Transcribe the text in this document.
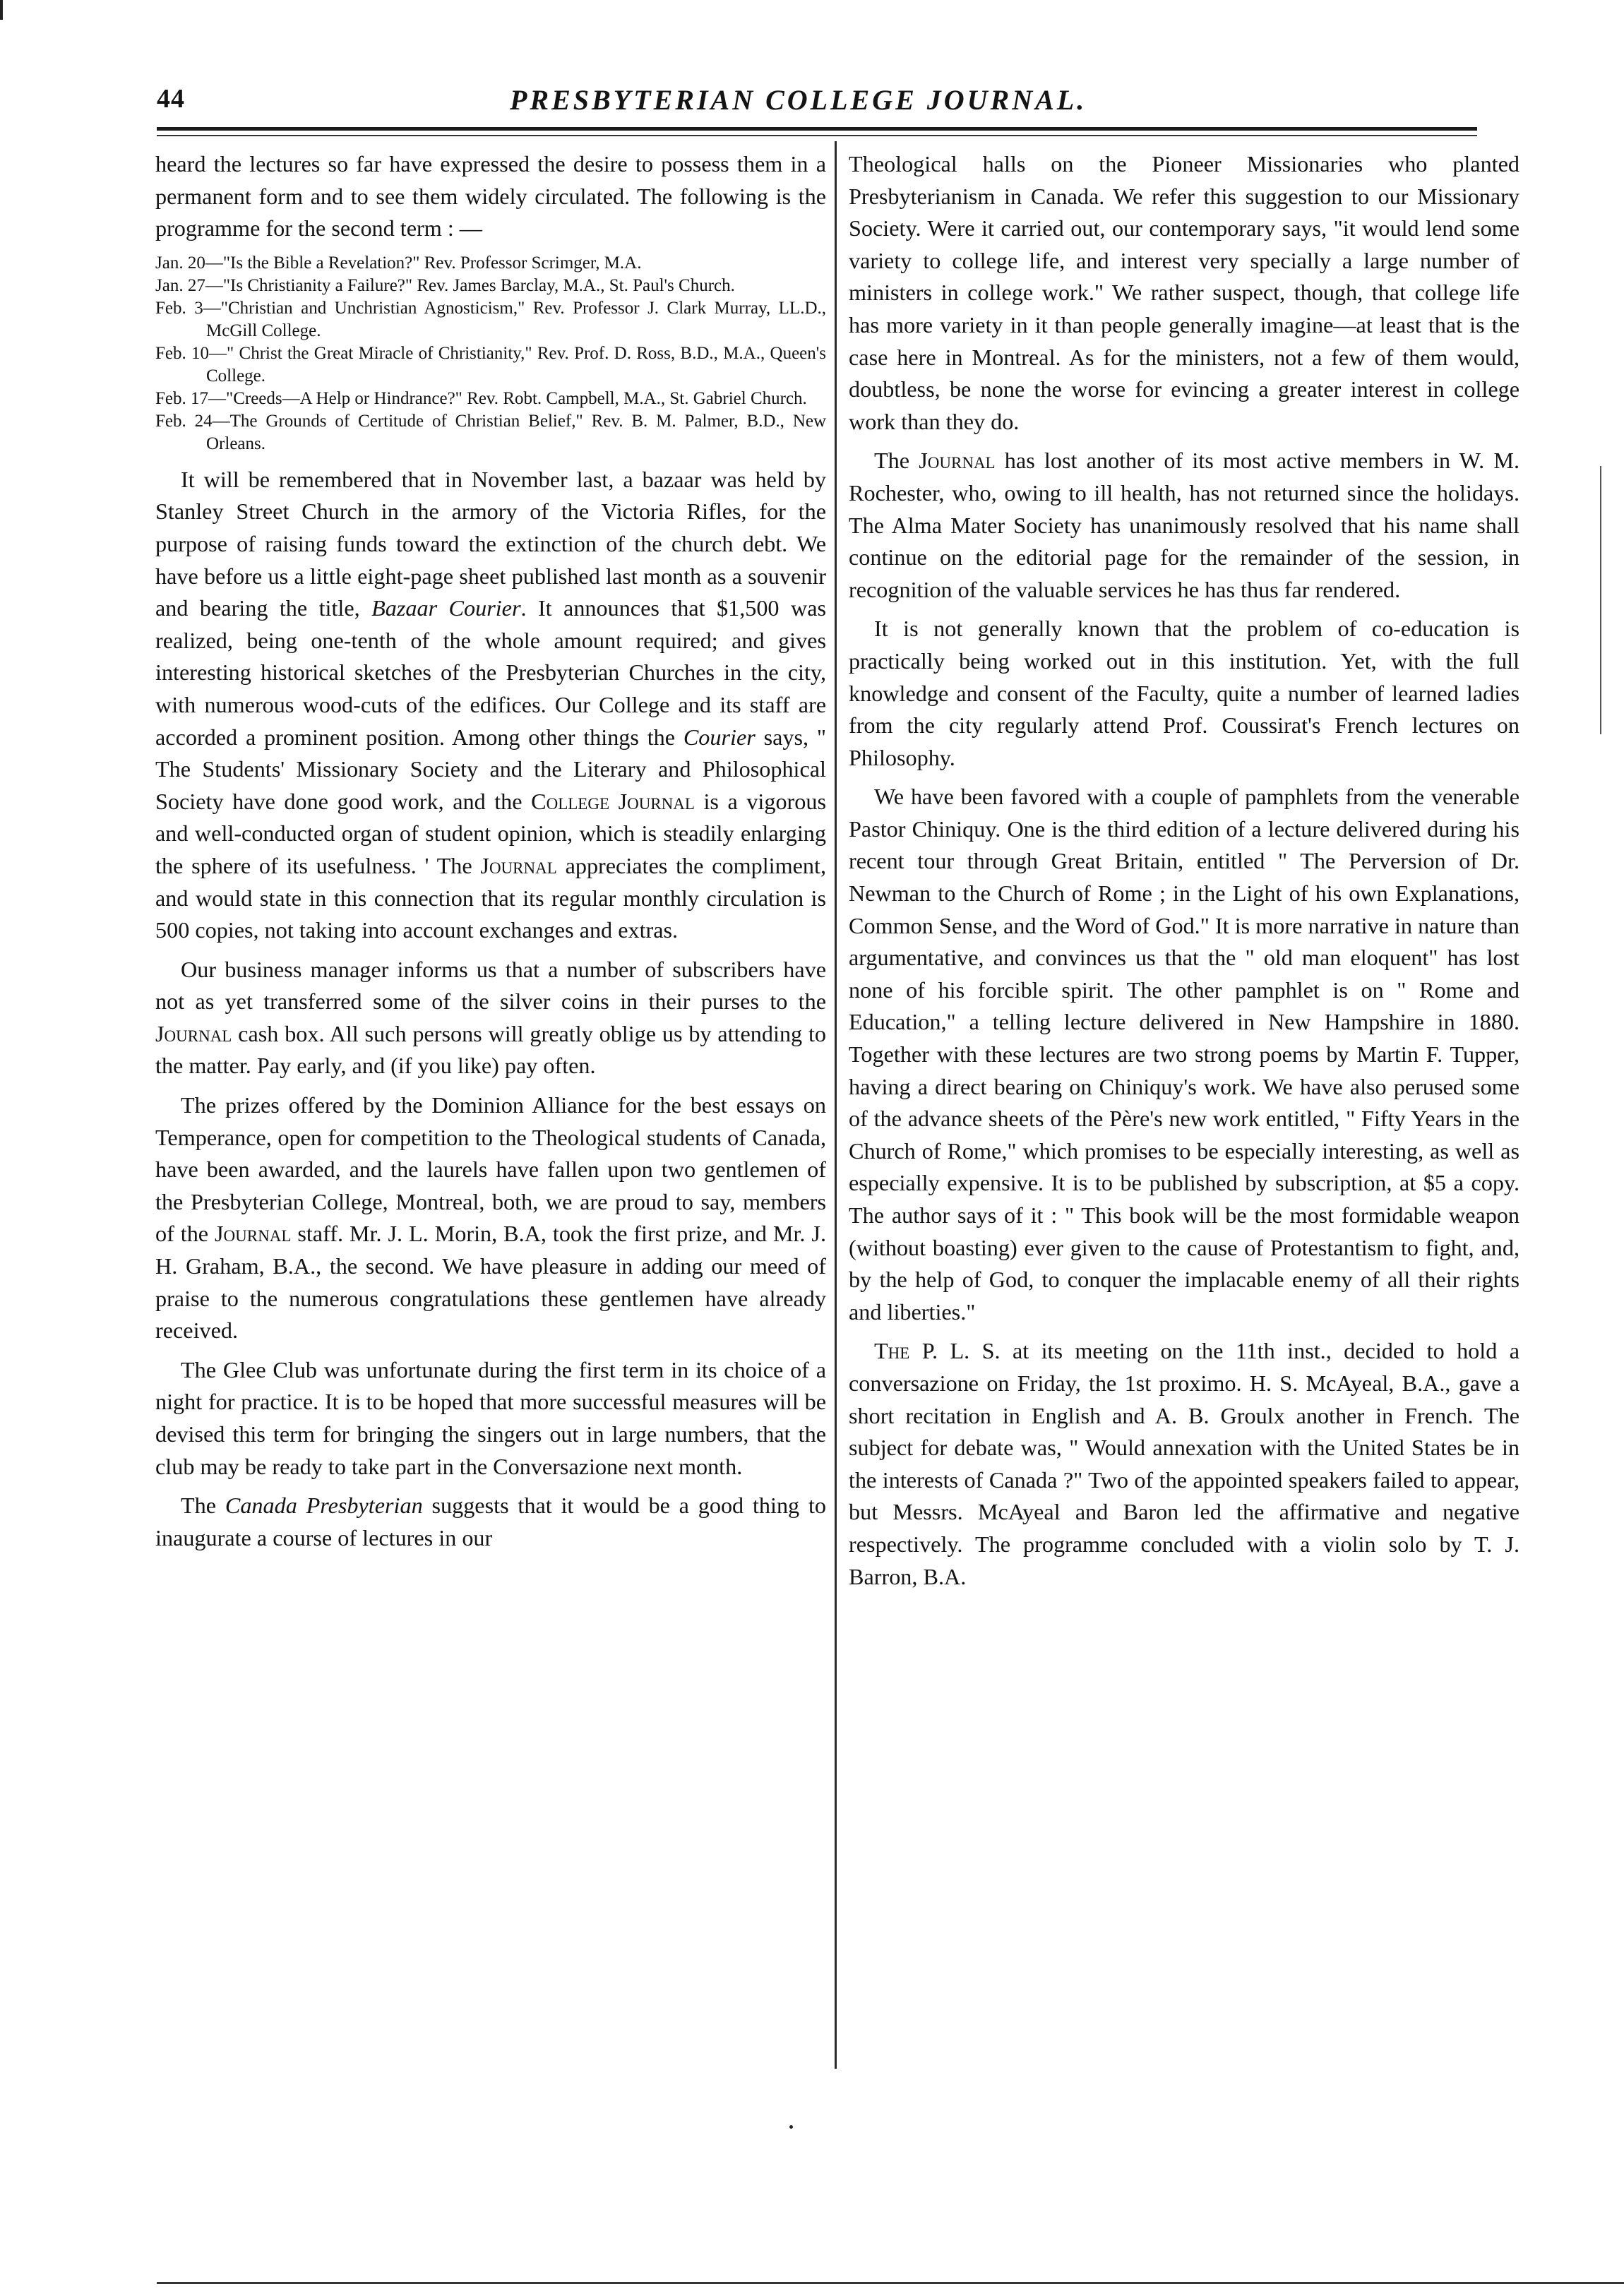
44	PRESBYTERIAN COLLEGE JOURNAL.

heard the lectures so far have expressed the desire to possess them in a permanent form and to see them widely circulated. The following is the programme for the second term : —

Jan. 20—"Is the Bible a Revelation?" Rev. Professor Scrimger, M.A.

Jan. 27—"Is Christianity a Failure?" Rev. James Barclay, M.A., St. Paul's Church.

Feb. 3—"Christian and Unchristian Agnosticism," Rev. Professor J. Clark Murray, LL.D., McGill College.

Feb. 10—" Christ the Great Miracle of Christianity," Rev. Prof. D. Ross, B.D., M.A., Queen's College.

Feb. 17—"Creeds—A Help or Hindrance?" Rev. Robt. Campbell, M.A., St. Gabriel Church.

Feb. 24—The Grounds of Certitude of Christian Belief," Rev. B. M. Palmer, B.D., New Orleans.

It will be remembered that in November last, a bazaar was held by Stanley Street Church in the armory of the Victoria Rifles, for the purpose of raising funds toward the extinction of the church debt. We have before us a little eight-page sheet published last month as a souvenir and bearing the title, Bazaar Courier. It announces that $1,500 was realized, being one-tenth of the whole amount required; and gives interesting historical sketches of the Presbyterian Churches in the city, with numerous wood-cuts of the edifices. Our College and its staff are accorded a prominent position. Among other things the Courier says, " The Students' Missionary Society and the Literary and Philosophical Society have done good work, and the College Journal is a vigorous and well-conducted organ of student opinion, which is steadily enlarging the sphere of its usefulness. ' The Journal appreciates the compliment, and would state in this connection that its regular monthly circulation is 500 copies, not taking into account exchanges and extras.

Our business manager informs us that a number of subscribers have not as yet transferred some of the silver coins in their purses to the Journal cash box. All such persons will greatly oblige us by attending to the matter. Pay early, and (if you like) pay often.

The prizes offered by the Dominion Alliance for the best essays on Temperance, open for competition to the Theological students of Canada, have been awarded, and the laurels have fallen upon two gentlemen of the Presbyterian College, Montreal, both, we are proud to say, members of the Journal staff. Mr. J. L. Morin, B.A, took the first prize, and Mr. J. H. Graham, B.A., the second. We have pleasure in adding our meed of praise to the numerous congratulations these gentlemen have already received.

The Glee Club was unfortunate during the first term in its choice of a night for practice. It is to be hoped that more successful measures will be devised this term for bringing the singers out in large numbers, that the club may be ready to take part in the Conversazione next month.

The Canada Presbyterian suggests that it would be a good thing to inaugurate a course of lectures in our

Theological halls on the Pioneer Missionaries who planted Presbyterianism in Canada. We refer this suggestion to our Missionary Society. Were it carried out, our contemporary says, "it would lend some variety to college life, and interest very specially a large number of ministers in college work." We rather suspect, though, that college life has more variety in it than people generally imagine—at least that is the case here in Montreal. As for the ministers, not a few of them would, doubtless, be none the worse for evincing a greater interest in college work than they do.

The Journal has lost another of its most active members in W. M. Rochester, who, owing to ill health, has not returned since the holidays. The Alma Mater Society has unanimously resolved that his name shall continue on the editorial page for the remainder of the session, in recognition of the valuable services he has thus far rendered.

It is not generally known that the problem of co-education is practically being worked out in this institution. Yet, with the full knowledge and consent of the Faculty, quite a number of learned ladies from the city regularly attend Prof. Coussirat's French lectures on Philosophy.

We have been favored with a couple of pamphlets from the venerable Pastor Chiniquy. One is the third edition of a lecture delivered during his recent tour through Great Britain, entitled " The Perversion of Dr. Newman to the Church of Rome ; in the Light of his own Explanations, Common Sense, and the Word of God." It is more narrative in nature than argumentative, and convinces us that the " old man eloquent" has lost none of his forcible spirit. The other pamphlet is on " Rome and Education," a telling lecture delivered in New Hampshire in 1880. Together with these lectures are two strong poems by Martin F. Tupper, having a direct bearing on Chiniquy's work. We have also perused some of the advance sheets of the Père's new work entitled, " Fifty Years in the Church of Rome," which promises to be especially interesting, as well as especially expensive. It is to be published by subscription, at $5 a copy. The author says of it : " This book will be the most formidable weapon (without boasting) ever given to the cause of Protestantism to fight, and, by the help of God, to conquer the implacable enemy of all their rights and liberties."

The P. L. S. at its meeting on the 11th inst., decided to hold a conversazione on Friday, the 1st proximo. H. S. McAyeal, B.A., gave a short recitation in English and A. B. Groulx another in French. The subject for debate was, " Would annexation with the United States be in the interests of Canada ?" Two of the appointed speakers failed to appear, but Messrs. McAyeal and Baron led the affirmative and negative respectively. The programme concluded with a violin solo by T. J. Barron, B.A.
